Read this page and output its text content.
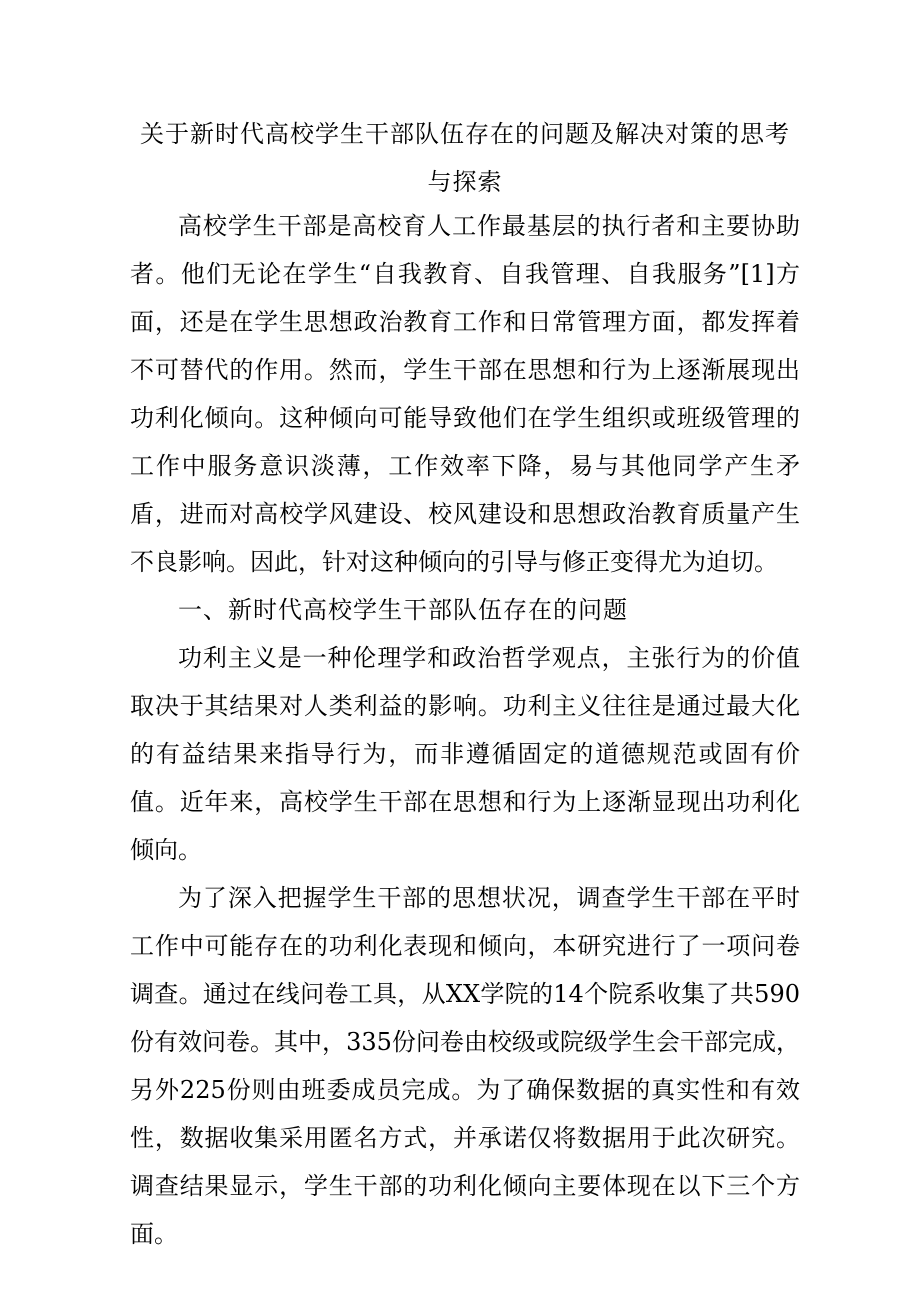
关于新时代高校学生干部队伍存在的问题及解决对策的思考与探索

高校学生干部是高校育人工作最基层的执行者和主要协助者。他们无论在学生“自我教育、自我管理、自我服务”[1]方面，还是在学生思想政治教育工作和日常管理方面，都发挥着不可替代的作用。然而，学生干部在思想和行为上逐渐展现出功利化倾向。这种倾向可能导致他们在学生组织或班级管理的工作中服务意识淡薄，工作效率下降，易与其他同学产生矛盾，进而对高校学风建设、校风建设和思想政治教育质量产生不良影响。因此，针对这种倾向的引导与修正变得尤为迫切。

一、新时代高校学生干部队伍存在的问题

功利主义是一种伦理学和政治哲学观点，主张行为的价值取决于其结果对人类利益的影响。功利主义往往是通过最大化的有益结果来指导行为，而非遵循固定的道德规范或固有价值。近年来，高校学生干部在思想和行为上逐渐显现出功利化倾向。

为了深入把握学生干部的思想状况，调查学生干部在平时工作中可能存在的功利化表现和倾向，本研究进行了一项问卷调查。通过在线问卷工具，从XX学院的14个院系收集了共590份有效问卷。其中，335份问卷由校级或院级学生会干部完成，另外225份则由班委成员完成。为了确保数据的真实性和有效性，数据收集采用匿名方式，并承诺仅将数据用于此次研究。调查结果显示，学生干部的功利化倾向主要体现在以下三个方面。
